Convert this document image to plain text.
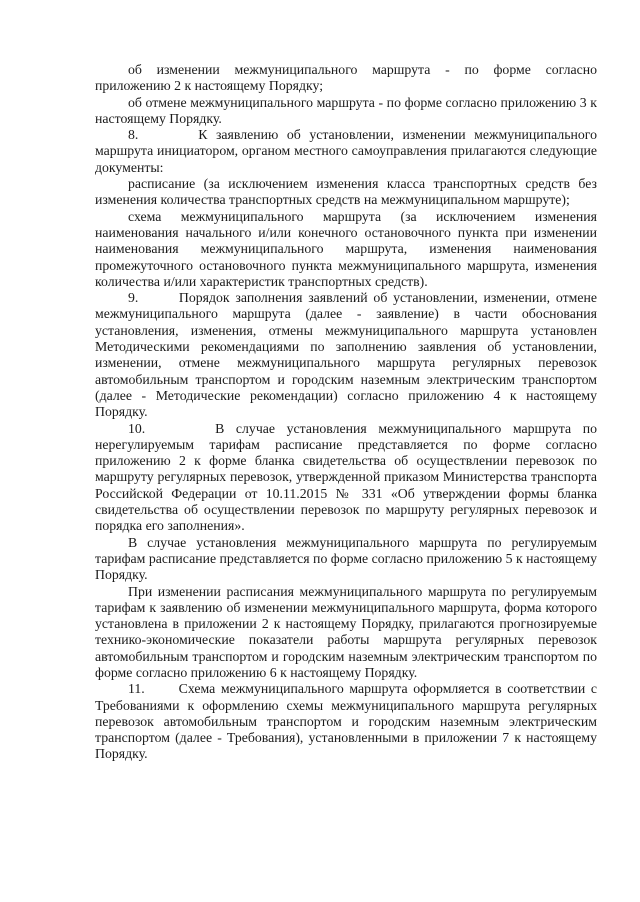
об изменении межмуниципального маршрута - по форме согласно приложению 2 к настоящему Порядку;

об отмене межмуниципального маршрута - по форме согласно приложению 3 к настоящему Порядку.

8.       К заявлению об установлении, изменении межмуниципального маршрута инициатором, органом местного самоуправления прилагаются следующие документы:

расписание (за исключением изменения класса транспортных средств без изменения количества транспортных средств на межмуниципальном маршруте);

схема межмуниципального маршрута (за исключением изменения наименования начального и/или конечного остановочного пункта при изменении наименования межмуниципального маршрута, изменения наименования промежуточного остановочного пункта межмуниципального маршрута, изменения количества и/или характеристик транспортных средств).

9.       Порядок заполнения заявлений об установлении, изменении, отмене межмуниципального маршрута (далее - заявление) в части обоснования установления, изменения, отмены межмуниципального маршрута установлен Методическими рекомендациями по заполнению заявления об установлении, изменении, отмене межмуниципального маршрута регулярных перевозок автомобильным транспортом и городским наземным электрическим транспортом (далее - Методические рекомендации) согласно приложению 4 к настоящему Порядку.

10.      В случае установления межмуниципального маршрута по нерегулируемым тарифам расписание представляется по форме согласно приложению 2 к форме бланка свидетельства об осуществлении перевозок по маршруту регулярных перевозок, утвержденной приказом Министерства транспорта Российской Федерации от 10.11.2015 № 331 «Об утверждении формы бланка свидетельства об осуществлении перевозок по маршруту регулярных перевозок и порядка его заполнения».

В случае установления межмуниципального маршрута по регулируемым тарифам расписание представляется по форме согласно приложению 5 к настоящему Порядку.

При изменении расписания межмуниципального маршрута по регулируемым тарифам к заявлению об изменении межмуниципального маршрута, форма которого установлена в приложении 2 к настоящему Порядку, прилагаются прогнозируемые технико-экономические показатели работы маршрута регулярных перевозок автомобильным транспортом и городским наземным электрическим транспортом по форме согласно приложению 6 к настоящему Порядку.

11.      Схема межмуниципального маршрута оформляется в соответствии с Требованиями к оформлению схемы межмуниципального маршрута регулярных перевозок автомобильным транспортом и городским наземным электрическим транспортом (далее - Требования), установленными в приложении 7 к настоящему Порядку.
